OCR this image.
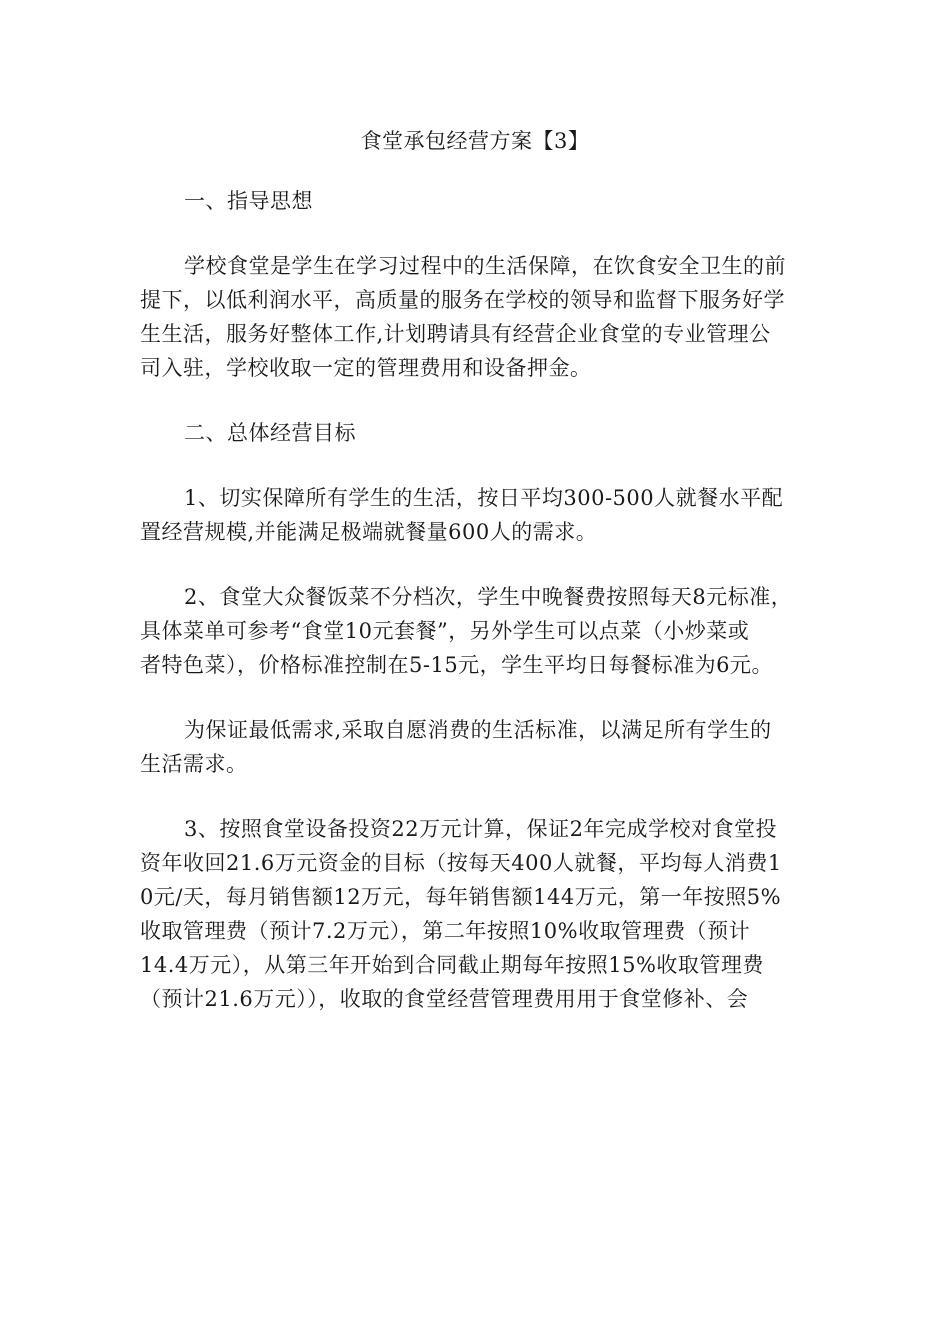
食堂承包经营方案【3】
一、指导思想
学校食堂是学生在学习过程中的生活保障，在饮食安全卫生的前
提下，以低利润水平，高质量的服务在学校的领导和监督下服务好学
生生活，服务好整体工作,计划聘请具有经营企业食堂的专业管理公
司入驻，学校收取一定的管理费用和设备押金。
二、总体经营目标
1、切实保障所有学生的生活，按日平均300-500人就餐水平配
置经营规模,并能满足极端就餐量600人的需求。
2、食堂大众餐饭菜不分档次，学生中晚餐费按照每天8元标准，
具体菜单可参考“食堂10元套餐”，另外学生可以点菜（小炒菜或
者特色菜），价格标准控制在5-15元，学生平均日每餐标准为6元。
为保证最低需求,采取自愿消费的生活标准，以满足所有学生的
生活需求。
3、按照食堂设备投资22万元计算，保证2年完成学校对食堂投
资年收回21.6万元资金的目标（按每天400人就餐，平均每人消费1
0元/天，每月销售额12万元，每年销售额144万元，第一年按照5%
收取管理费（预计7.2万元），第二年按照10%收取管理费（预计
14.4万元），从第三年开始到合同截止期每年按照15%收取管理费
（预计21.6万元）），收取的食堂经营管理费用用于食堂修补、会
